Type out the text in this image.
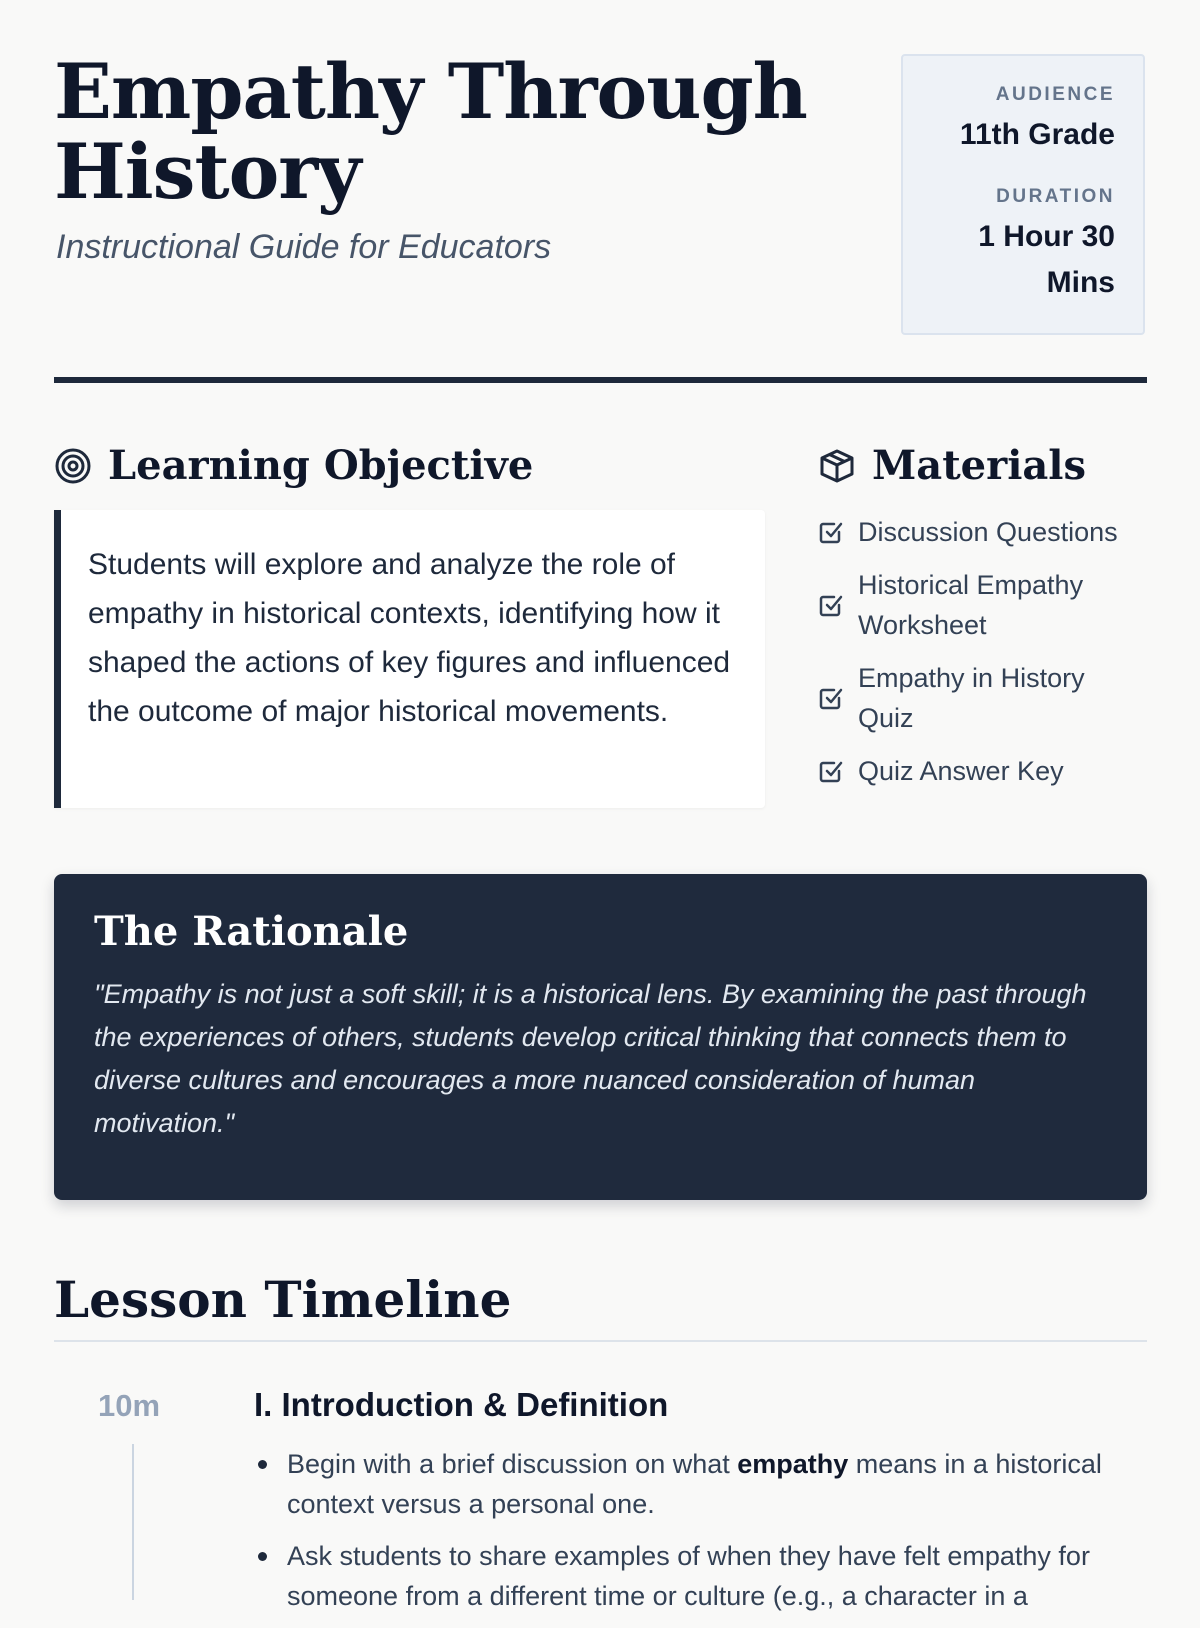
Empathy Through History
Instructional Guide for Educators
AUDIENCE
11th Grade
DURATION
1 Hour 30 Mins
Learning Objective
Students will explore and analyze the role of empathy in historical contexts, identifying how it shaped the actions of key figures and influenced the outcome of major historical movements.
Materials
Discussion Questions
Historical Empathy Worksheet
Empathy in History Quiz
Quiz Answer Key
The Rationale

"Empathy is not just a soft skill; it is a historical lens. By examining the past through the experiences of others, students develop critical thinking that connects them to diverse cultures and encourages a more nuanced consideration of human motivation."

Lesson Timeline
10m	I. Introduction & Definition
Begin with a brief discussion on what empathy means in a historical context versus a personal one.
Ask students to share examples of when they have felt empathy for someone from a different time or culture (e.g., a character in a
